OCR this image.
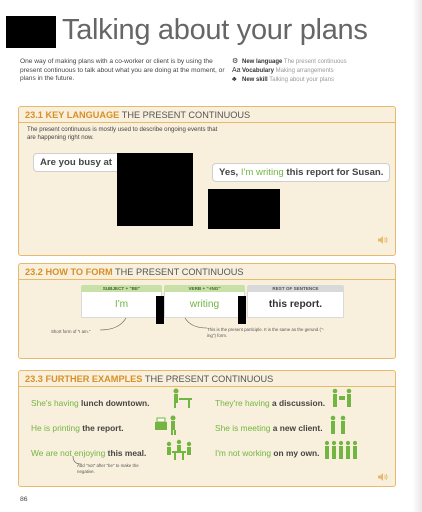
Talking about your plans

One way of making plans with a co-worker or client is by using the present continuous to talk about what you are doing at the moment, or plans in the future.

⚙ New language The present continuous
AaVocabulary Making arrangements
♣ New skill Talking about your plans
23.1 KEY LANGUAGE THE PRESENT CONTINUOUS

The present continuous is mostly used to describe ongoing events that are happening right now.

Are you busy at
Yes, I'm writing this report for Susan.
23.2 HOW TO FORM THE PRESENT CONTINUOUS
SUBJECT + "BE"
I'm
VERB + "-ING"
writing
REST OF SENTENCE
this report.

Short form of "I am."	This is the present participle. It is the same as the gerund ("-ing") form.

23.3 FURTHER EXAMPLES THE PRESENT CONTINUOUS
She's having lunch downtown.
He is printing the report.
We are not enjoying this meal.
They're having a discussion.
She is meeting a new client.
I'm not working on my own.

Add "not" after "be" to make the negative.

86
